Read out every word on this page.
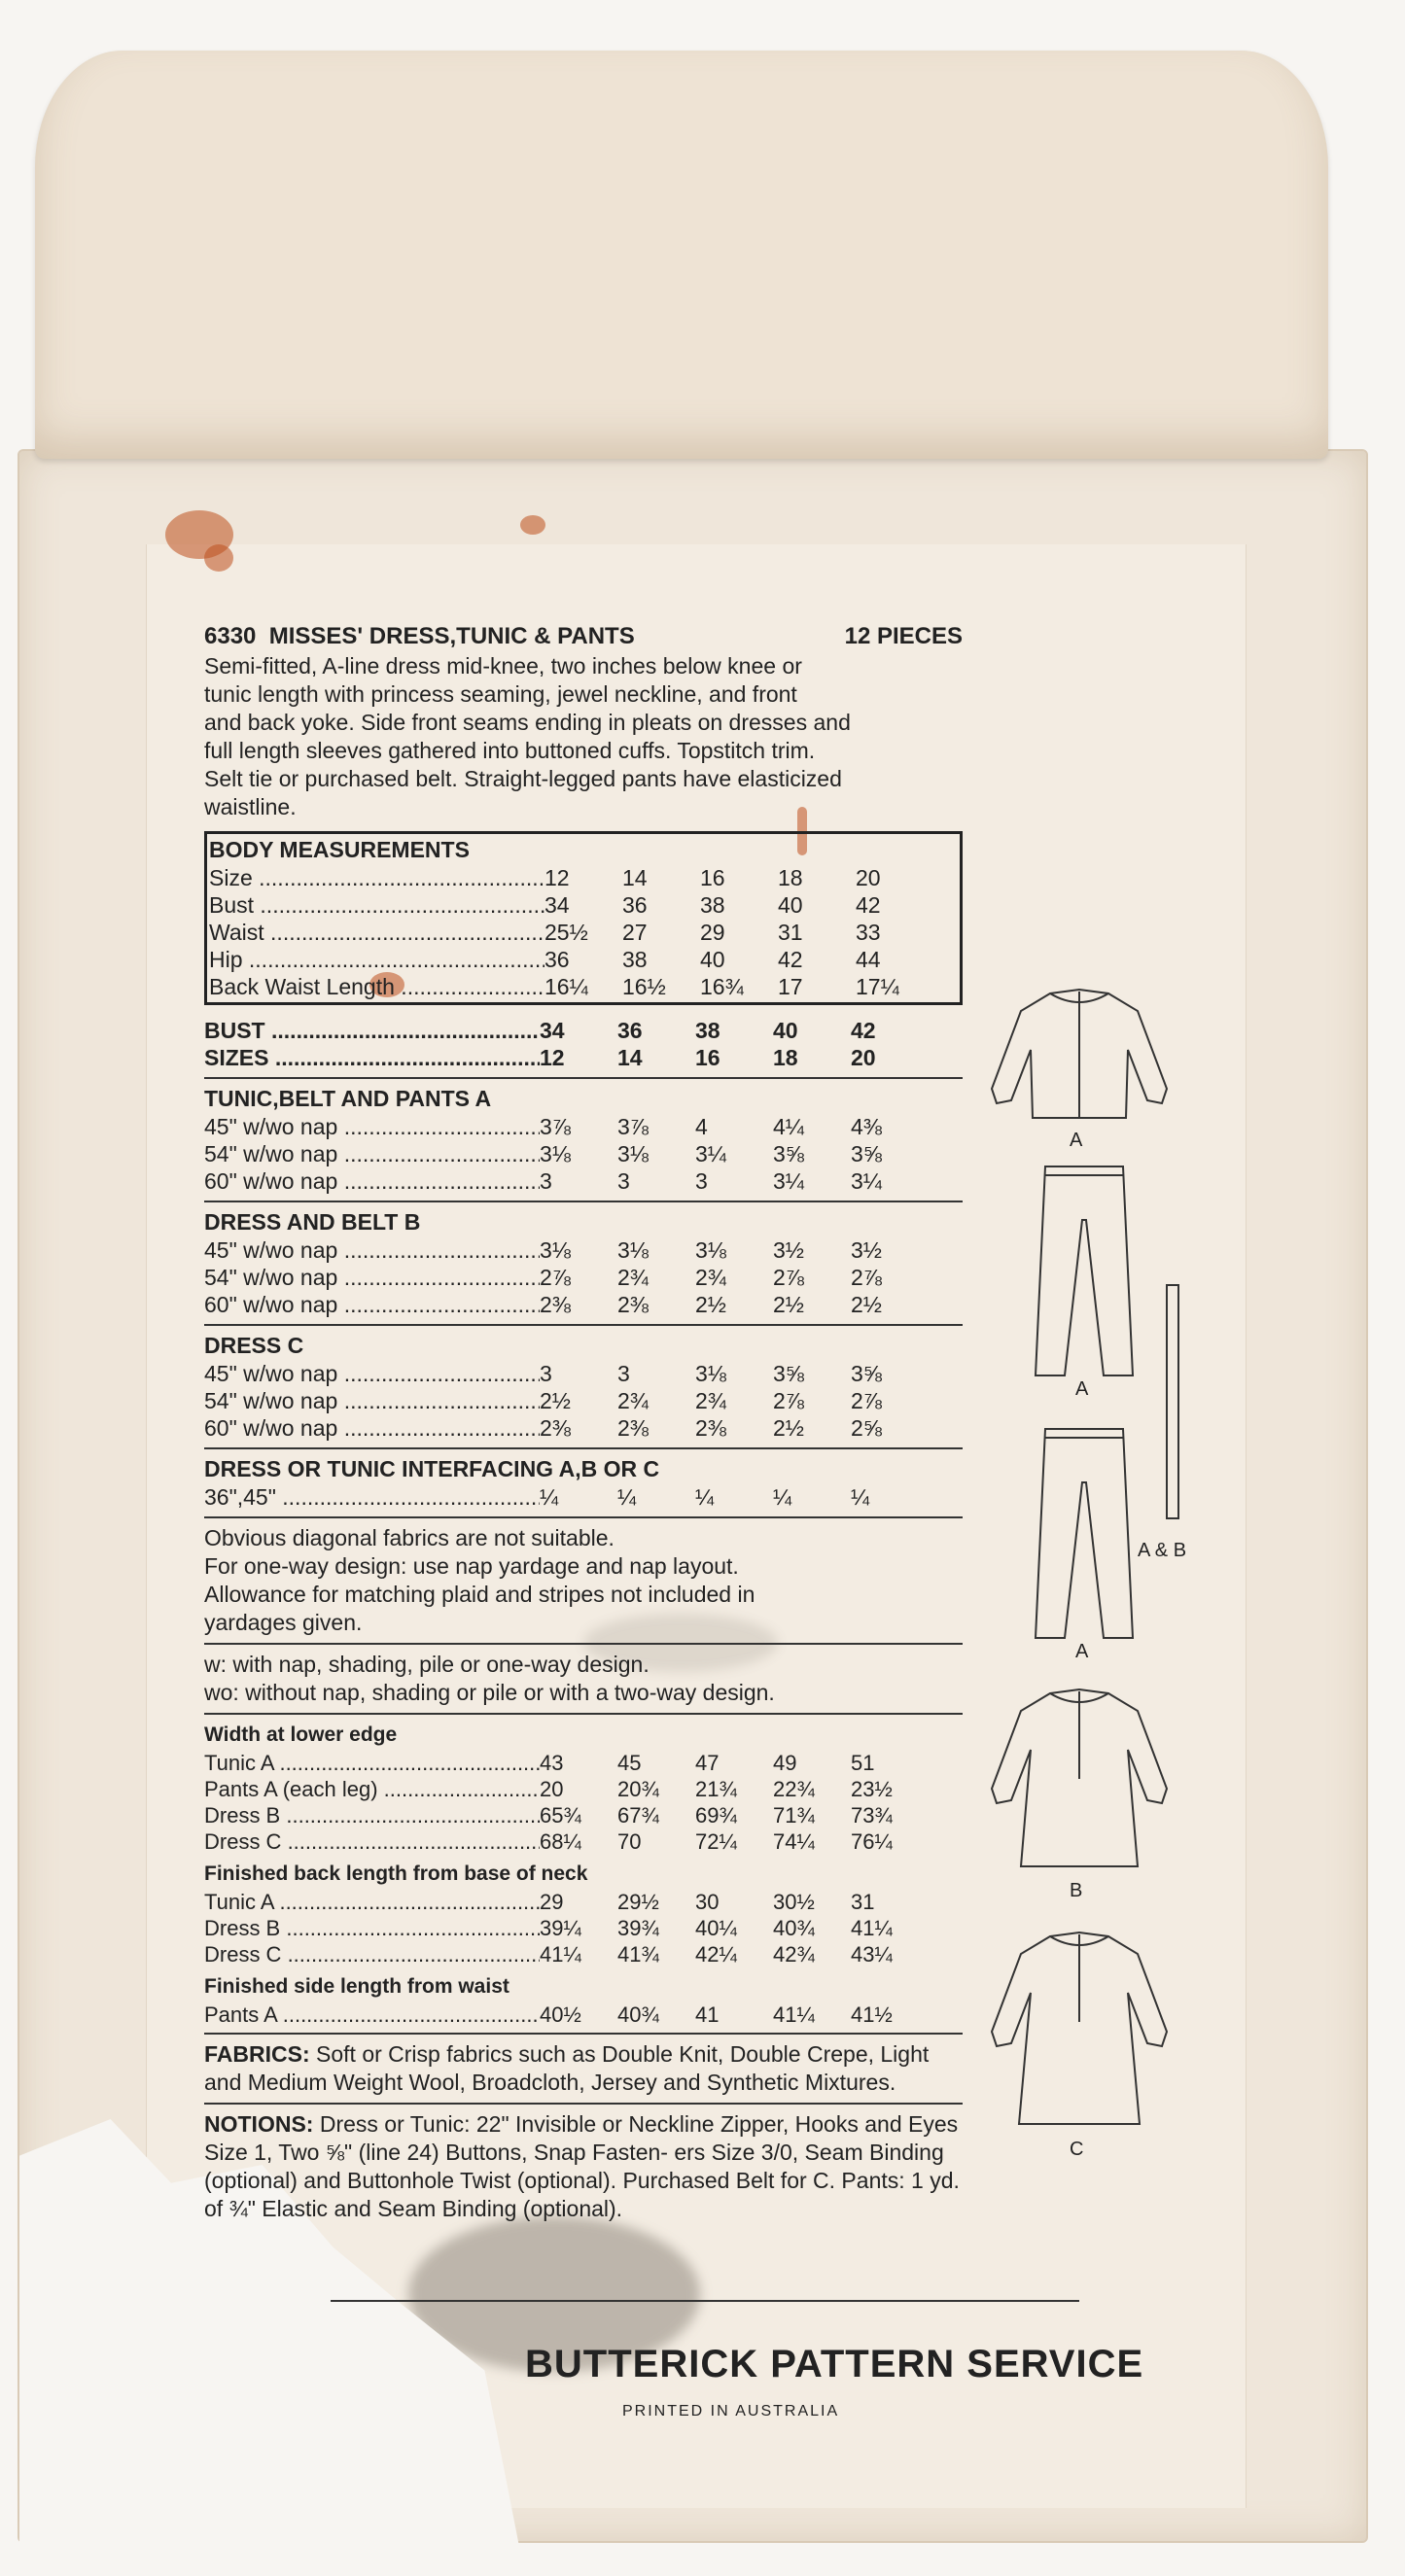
6330 MISSES' DRESS,TUNIC & PANTS	12 PIECES
Semi-fitted, A-line dress mid-knee, two inches below knee or
tunic length with princess seaming, jewel neckline, and front
and back yoke. Side front seams ending in pleats on dresses and
full length sleeves gathered into buttoned cuffs. Topstitch trim.
Selt tie or purchased belt. Straight-legged pants have elasticized
waistline.
BODY MEASUREMENTS
Size .....	12	14	16	18	20
Bust .....	34	36	38	40	42
Waist .....	25½	27	29	31	33
Hip .....	36	38	40	42	44
Back Waist Length .....	16¼	16½	16¾	17	17¼
BUST .....	34	36	38	40	42
SIZES .....	12	14	16	18	20
TUNIC,BELT AND PANTS A
45" w/wo nap .....	3⅞	3⅞	4	4¼	4⅜
54" w/wo nap .....	3⅛	3⅛	3¼	3⅝	3⅝
60" w/wo nap .....	3	3	3	3¼	3¼
DRESS AND BELT B
45" w/wo nap .....	3⅛	3⅛	3⅛	3½	3½
54" w/wo nap .....	2⅞	2¾	2¾	2⅞	2⅞
60" w/wo nap .....	2⅜	2⅜	2½	2½	2½
DRESS C
45" w/wo nap .....	3	3	3⅛	3⅝	3⅝
54" w/wo nap .....	2½	2¾	2¾	2⅞	2⅞
60" w/wo nap .....	2⅜	2⅜	2⅜	2½	2⅝
DRESS OR TUNIC INTERFACING A,B OR C
36",45" .....	¼	¼	¼	¼	¼
Obvious diagonal fabrics are not suitable.
For one-way design: use nap yardage and nap layout.
Allowance for matching plaid and stripes not included in
yardages given.
w: with nap, shading, pile or one-way design.
wo: without nap, shading or pile or with a two-way design.
Width at lower edge
Tunic A .....	43	45	47	49	51
Pants A (each leg) .....	20	20¾	21¾	22¾	23½
Dress B .....	65¾	67¾	69¾	71¾	73¾
Dress C .....	68¼	70	72¼	74¼	76¼
Finished back length from base of neck
Tunic A .....	29	29½	30	30½	31
Dress B .....	39¼	39¾	40¼	40¾	41¼
Dress C .....	41¼	41¾	42¼	42¾	43¼
Finished side length from waist
Pants A .....	40½	40¾	41	41¼	41½
FABRICS: Soft or Crisp fabrics such as Double Knit, Double Crepe, Light and Medium Weight Wool, Broadcloth, Jersey and Synthetic Mixtures.
NOTIONS: Dress or Tunic: 22" Invisible or Neckline Zipper, Hooks and Eyes Size 1, Two ⅝" (line 24) Buttons, Snap Fasten- ers Size 3/0, Seam Binding (optional) and Buttonhole Twist (optional). Purchased Belt for C. Pants: 1 yd. of ¾" Elastic and Seam Binding (optional).
BUTTERICK PATTERN SERVICE
PRINTED IN AUSTRALIA
A
A
A & B
A
B
C
